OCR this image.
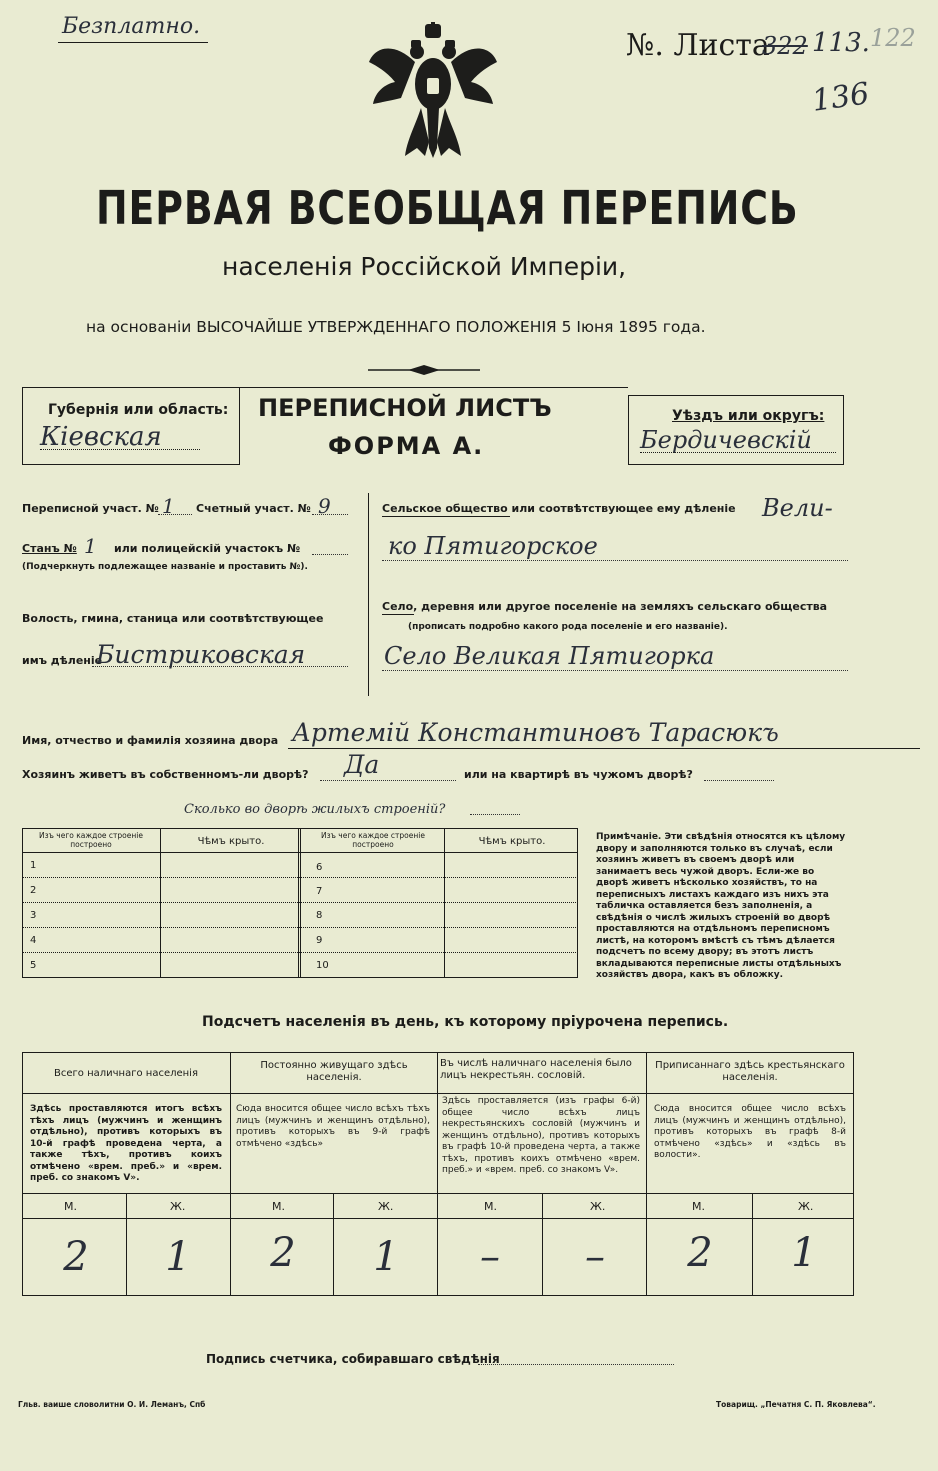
Безплатно.
№. Листа
322 113. 122
136
ПЕРВАЯ ВСЕОБЩАЯ ПЕРЕПИСЬ
населенія Россійской Имперіи,
на основаніи ВЫСОЧАЙШЕ УТВЕРЖДЕННАГО ПОЛОЖЕНІЯ 5 Іюня 1895 года.
Губернія или область:
Кіевская
ПЕРЕПИСНОЙ ЛИСТЪ
ФОРМА А.
Уѣздъ или округъ:
Бердичевскій
Переписной участ. № 1 Счетный участ. № 9
Станъ № 1 или полицейскій участокъ №
(Подчеркнуть подлежащее названіе и проставить №).
Волость, гмина, станица или соотвѣтствующее
имъ дѣленіе
Бистриковская
Сельское общество или соотвѣтствующее ему дѣленіе Вели-
ко Пятигорское
Село, деревня или другое поселеніе на земляхъ сельскаго общества
(прописать подробно какого рода поселеніе и его названіе).
Село Великая Пятигорка
Имя, отчество и фамилія хозяина двора Артемій Константиновъ Тарасюкъ
Хозяинъ живетъ въ собственномъ-ли дворѣ? Да	или на квартирѣ въ чужомъ дворѣ?
Сколько во дворѣ жилыхъ строеній?
Изъ чего каждое строеніе построено	Чѣмъ крыто.
Изъ чего каждое строеніе построено	Чѣмъ крыто.
1
2
3
4
5
6
7
8
9
10
Примѣчаніе. Эти свѣдѣнія относятся къ цѣлому двору и заполняются только въ случаѣ, если хозяинъ живетъ въ своемъ дворѣ или занимаетъ весь чужой дворъ. Если-же во дворѣ живетъ нѣсколько хозяйствъ, то на переписныхъ листахъ каждаго изъ нихъ эта табличка оставляется безъ заполненія, а свѣдѣнія о числѣ жилыхъ строеній во дворѣ проставляются на отдѣльномъ переписномъ листѣ, на которомъ вмѣстѣ съ тѣмъ дѣлается подсчетъ по всему двору; въ этотъ листъ вкладываются переписные листы отдѣльныхъ хозяйствъ двора, какъ въ обложку.
Подсчетъ населенія въ день, къ которому пріурочена перепись.
Всего наличнаго населенія
Здѣсь проставляются итогъ всѣхъ тѣхъ лицъ (мужчинъ и женщинъ отдѣльно), противъ которыхъ въ 10-й графѣ проведена черта, а также тѣхъ, противъ коихъ отмѣчено «врем. преб.» и «врем. преб. со знакомъ V».
М.	Ж.
2	1
Постоянно живущаго здѣсь населенія.
Сюда вносится общее число всѣхъ тѣхъ лицъ (мужчинъ и женщинъ отдѣльно), противъ которыхъ въ 9-й графѣ отмѣчено «здѣсь»
М.	Ж.
2	1
Въ числѣ наличнаго населенія было лицъ некрестьян. сословій.
Здѣсь проставляется (изъ графы 6-й) общее число всѣхъ лицъ некрестьянскихъ сословій (мужчинъ и женщинъ отдѣльно), противъ которыхъ въ графѣ 10-й проведена черта, а также тѣхъ, противъ коихъ отмѣчено «врем. преб.» и «врем. преб. со знакомъ V».
М.	Ж.
–	–
Приписаннаго здѣсь крестьянскаго населенія.
Сюда вносится общее число всѣхъ лицъ (мужчинъ и женщинъ отдѣльно), противъ которыхъ въ графѣ 8-й отмѣчено «здѣсь» и «здѣсь въ волости».
М.	Ж.
2	1
Подпись счетчика, собиравшаго свѣдѣнія
Гльв. ваише словолитни О. И. Леманъ, Спб	Товарищ. „Печатня С. П. Яковлева“.
